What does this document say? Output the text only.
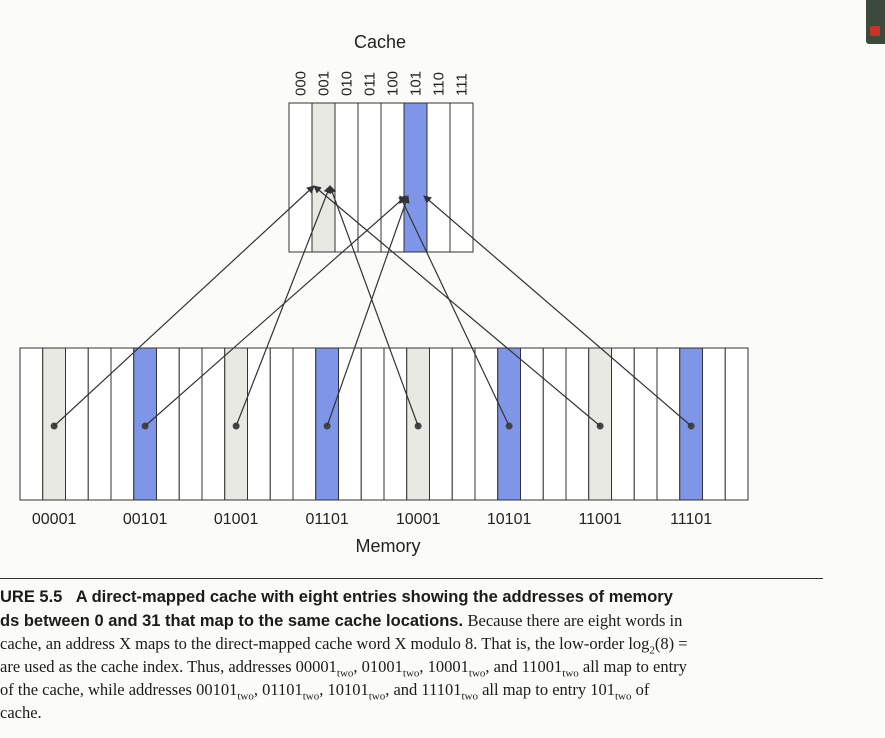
Cache
000 001 010 011 100 101 110 111
00001	00101	01001	01101	10001	10101	11001	11101
Memory
URE 5.5 A direct-mapped cache with eight entries showing the addresses of memory
ds between 0 and 31 that map to the same cache locations. Because there are eight words in
cache, an address X maps to the direct-mapped cache word X modulo 8. That is, the low-order $\log_2(8)$ =
are used as the cache index. Thus, addresses $00001_{two}$, $01001_{two}$, $10001_{two}$, and $11001_{two}$ all map to entry
of the cache, while addresses $00101_{two}$, $01101_{two}$, $10101_{two}$, and $11101_{two}$ all map to entry $101_{two}$ of
cache.
